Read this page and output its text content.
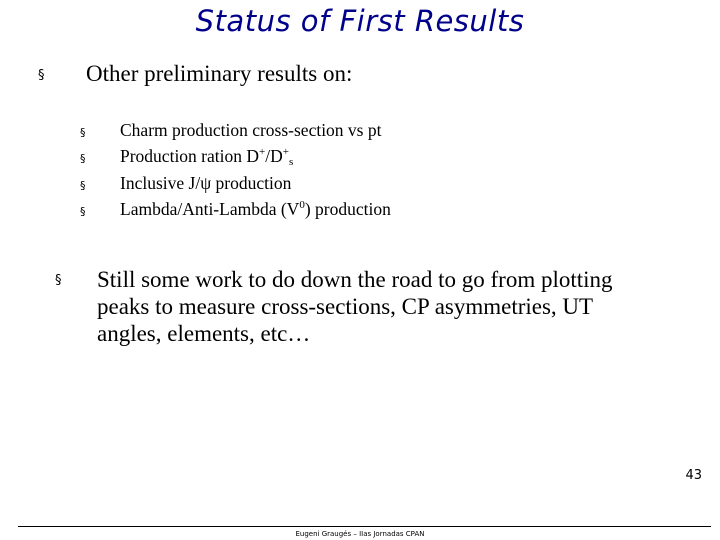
Status of First Results
§ Other preliminary results on:
§ Charm production cross-section vs pt
§ Production ration $D^+/D^+_s$
§ Inclusive J/ψ production
§ Lambda/Anti-Lambda $(V^0)$ production
§ Still some work to do down the road to go from plotting peaks to measure cross-sections, CP asymmetries, UT angles, elements, etc…
43
Eugeni Graugés – IIas Jornadas CPAN
